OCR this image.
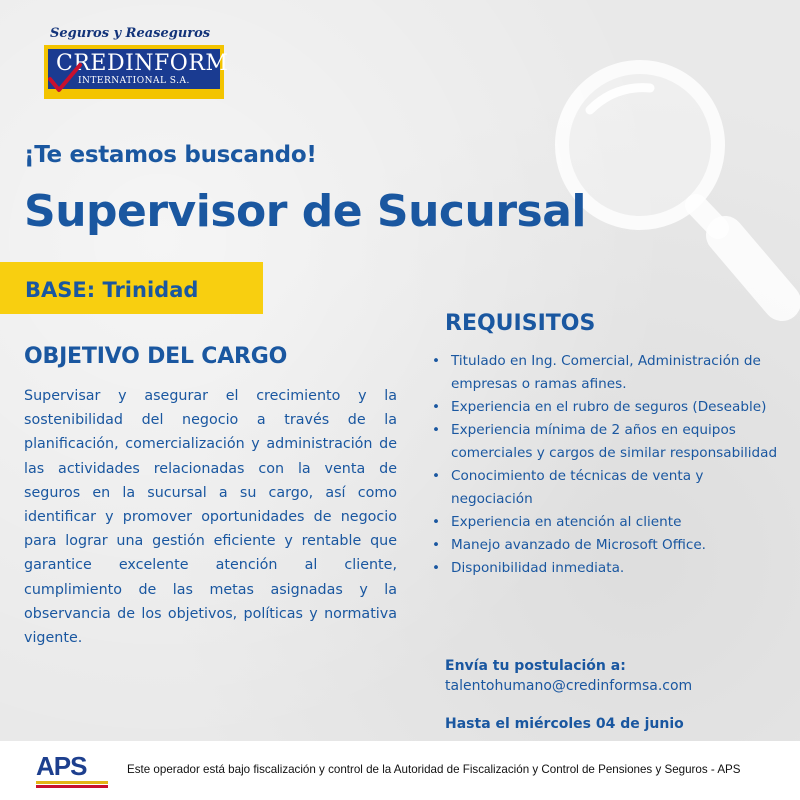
Seguros y Reaseguros
CREDINFORM
INTERNATIONAL S.A.
¡Te estamos buscando!
Supervisor de Sucursal
BASE: Trinidad
OBJETIVO DEL CARGO
Supervisar y asegurar el crecimiento y la sostenibilidad del negocio a través de la planificación, comercialización y administración de las actividades relacionadas con la venta de seguros en la sucursal a su cargo, así como identificar y promover oportunidades de negocio para lograr una gestión eficiente y rentable que garantice excelente atención al cliente, cumplimiento de las metas asignadas y la observancia de los objetivos, políticas y normativa vigente.
REQUISITOS
• Titulado en Ing. Comercial, Administración de empresas o ramas afines.
• Experiencia en el rubro de seguros (Deseable)
• Experiencia mínima de 2 años en equipos comerciales y cargos de similar responsabilidad
• Conocimiento de técnicas de venta y negociación
• Experiencia en atención al cliente
• Manejo avanzado de Microsoft Office.
• Disponibilidad inmediata.
Envía tu postulación a:
talentohumano@credinformsa.com
Hasta el miércoles 04 de junio
APS	Este operador está bajo fiscalización y control de la Autoridad de Fiscalización y Control de Pensiones y Seguros - APS
